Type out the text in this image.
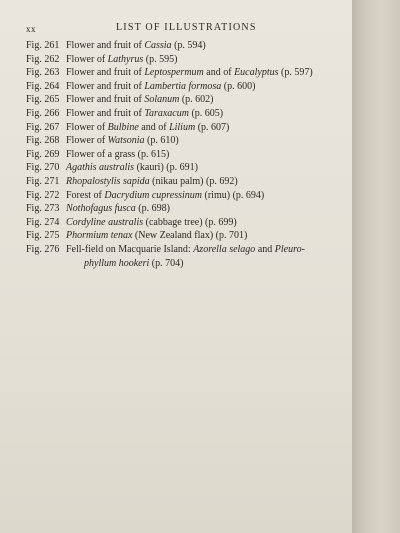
xx	LIST OF ILLUSTRATIONS
Fig. 261 Flower and fruit of Cassia (p. 594)
Fig. 262 Flower of Lathyrus (p. 595)
Fig. 263 Flower and fruit of Leptospermum and of Eucalyptus (p. 597)
Fig. 264 Flower and fruit of Lambertia formosa (p. 600)
Fig. 265 Flower and fruit of Solanum (p. 602)
Fig. 266 Flower and fruit of Taraxacum (p. 605)
Fig. 267 Flower of Bulbine and of Lilium (p. 607)
Fig. 268 Flower of Watsonia (p. 610)
Fig. 269 Flower of a grass (p. 615)
Fig. 270 Agathis australis (kauri) (p. 691)
Fig. 271 Rhopalostylis sapida (nikau palm) (p. 692)
Fig. 272 Forest of Dacrydium cupressinum (rimu) (p. 694)
Fig. 273 Nothofagus fusca (p. 698)
Fig. 274 Cordyline australis (cabbage tree) (p. 699)
Fig. 275 Phormium tenax (New Zealand flax) (p. 701)
Fig. 276 Fell-field on Macquarie Island: Azorella selago and Pleuro-
phyllum hookeri (p. 704)
